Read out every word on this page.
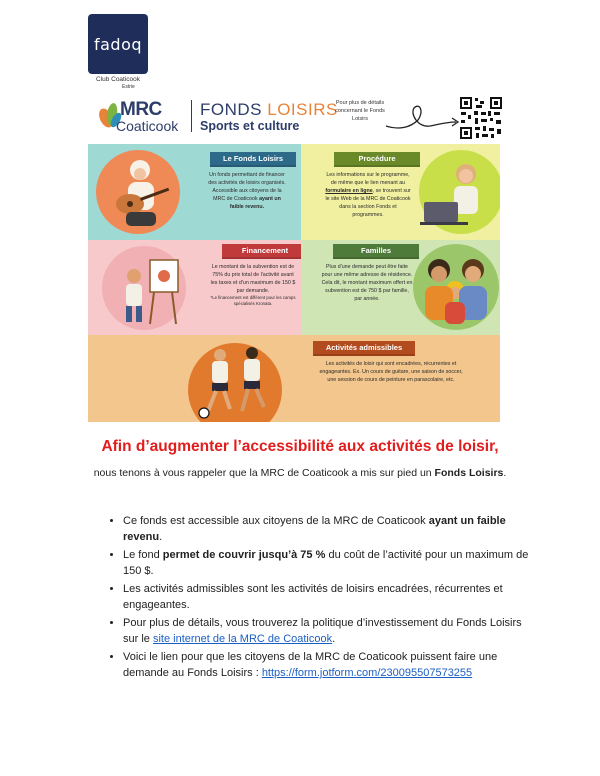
fadoq
Club Coaticook
Estrie
MRC
Coaticook
FONDS LOISIRS
Sports et culture
Pour plus de détails concernant le Fonds Loisirs
Le Fonds Loisirs
Un fonds permettant de financer des activités de loisirs organisés. Accessible aux citoyens de la MRC de Coaticook ayant un faible revenu.
Procédure
Les informations sur le programme, de même que le lien menant au formulaire en ligne, se trouvent sur le site Web de la MRC de Coaticook dans la section Fonds et programmes.
Financement
Le montant de la subvention est de 75% du prix total de l'activité avant les taxes et d'un maximum de 150 $ par demande.
*Le financement est différent pour les camps spécialisés Kronata.
Familles
Plus d'une demande peut être faite pour une même adresse de résidence. Cela dit, le montant maximum offert en subvention est de 750 $ par famille, par année.
Activités admissibles
Les activités de loisir qui sont encadrées, récurrentes et engageantes. Ex. Un cours de guitare, une saison de soccer, une session de cours de peinture en parascolaire, etc.
Afin d’augmenter l’accessibilité aux activités de loisir,
nous tenons à vous rappeler que la MRC de Coaticook a mis sur pied un Fonds Loisirs.
• Ce fonds est accessible aux citoyens de la MRC de Coaticook ayant un faible revenu.
• Le fond permet de couvrir jusqu’à 75 % du coût de l’activité pour un maximum de 150 $.
• Les activités admissibles sont les activités de loisirs encadrées, récurrentes et engageantes.
• Pour plus de détails, vous trouverez la politique d’investissement du Fonds Loisirs sur le site internet de la MRC de Coaticook.
• Voici le lien pour que les citoyens de la MRC de Coaticook puissent faire une demande au Fonds Loisirs : https://form.jotform.com/230095507573255
